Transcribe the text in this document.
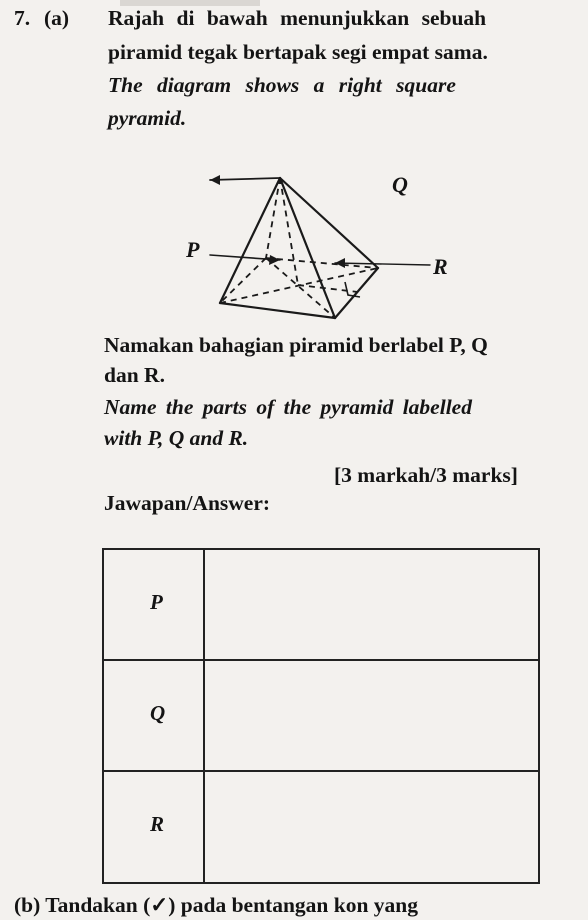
7. (a) Rajah di bawah menunjukkan sebuah
piramid tegak bertapak segi empat sama.
The diagram shows a right square
pyramid.
Q
P
R
Namakan bahagian piramid berlabel P, Q
dan R.
Name the parts of the pyramid labelled
with P, Q and R.
[3 markah/3 marks]
Jawapan/Answer:
P
Q
R
(b) Tandakan (✓) pada bentangan kon yang
